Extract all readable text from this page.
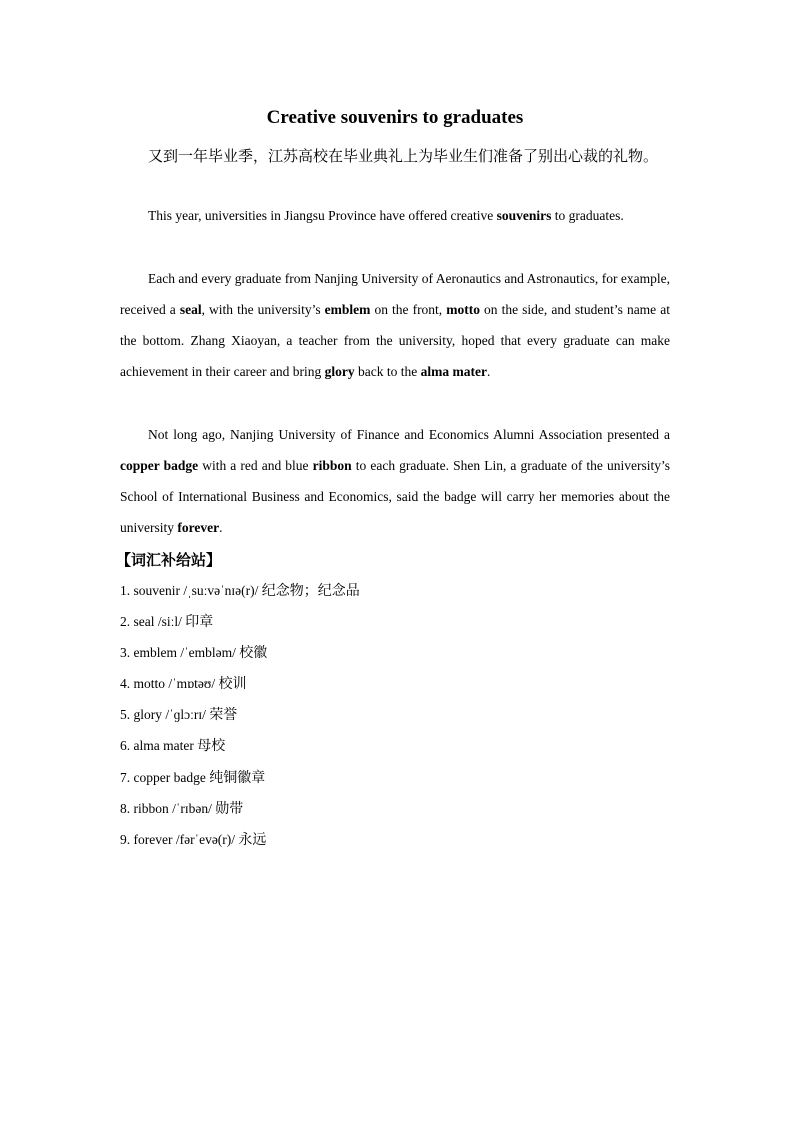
Creative souvenirs to graduates

又到一年毕业季，江苏高校在毕业典礼上为毕业生们准备了别出心裁的礼物。

This year, universities in Jiangsu Province have offered creative souvenirs to graduates.

Each and every graduate from Nanjing University of Aeronautics and Astronautics, for example, received a seal, with the university’s emblem on the front, motto on the side, and student’s name at the bottom. Zhang Xiaoyan, a teacher from the university, hoped that every graduate can make achievement in their career and bring glory back to the alma mater.

Not long ago, Nanjing University of Finance and Economics Alumni Association presented a copper badge with a red and blue ribbon to each graduate. Shen Lin, a graduate of the university’s School of International Business and Economics, said the badge will carry her memories about the university forever.

【词汇补给站】
1. souvenir /ˌsuːvəˈnɪə(r)/ 纪念物；纪念品
2. seal /siːl/ 印章
3. emblem /ˈembləm/ 校徽
4. motto /ˈmɒtəʊ/ 校训
5. glory /ˈɡlɔːrɪ/ 荣誉
6. alma mater 母校
7. copper badge 纯铜徽章
8. ribbon /ˈrɪbən/ 勋带
9. forever /fərˈevə(r)/ 永远
